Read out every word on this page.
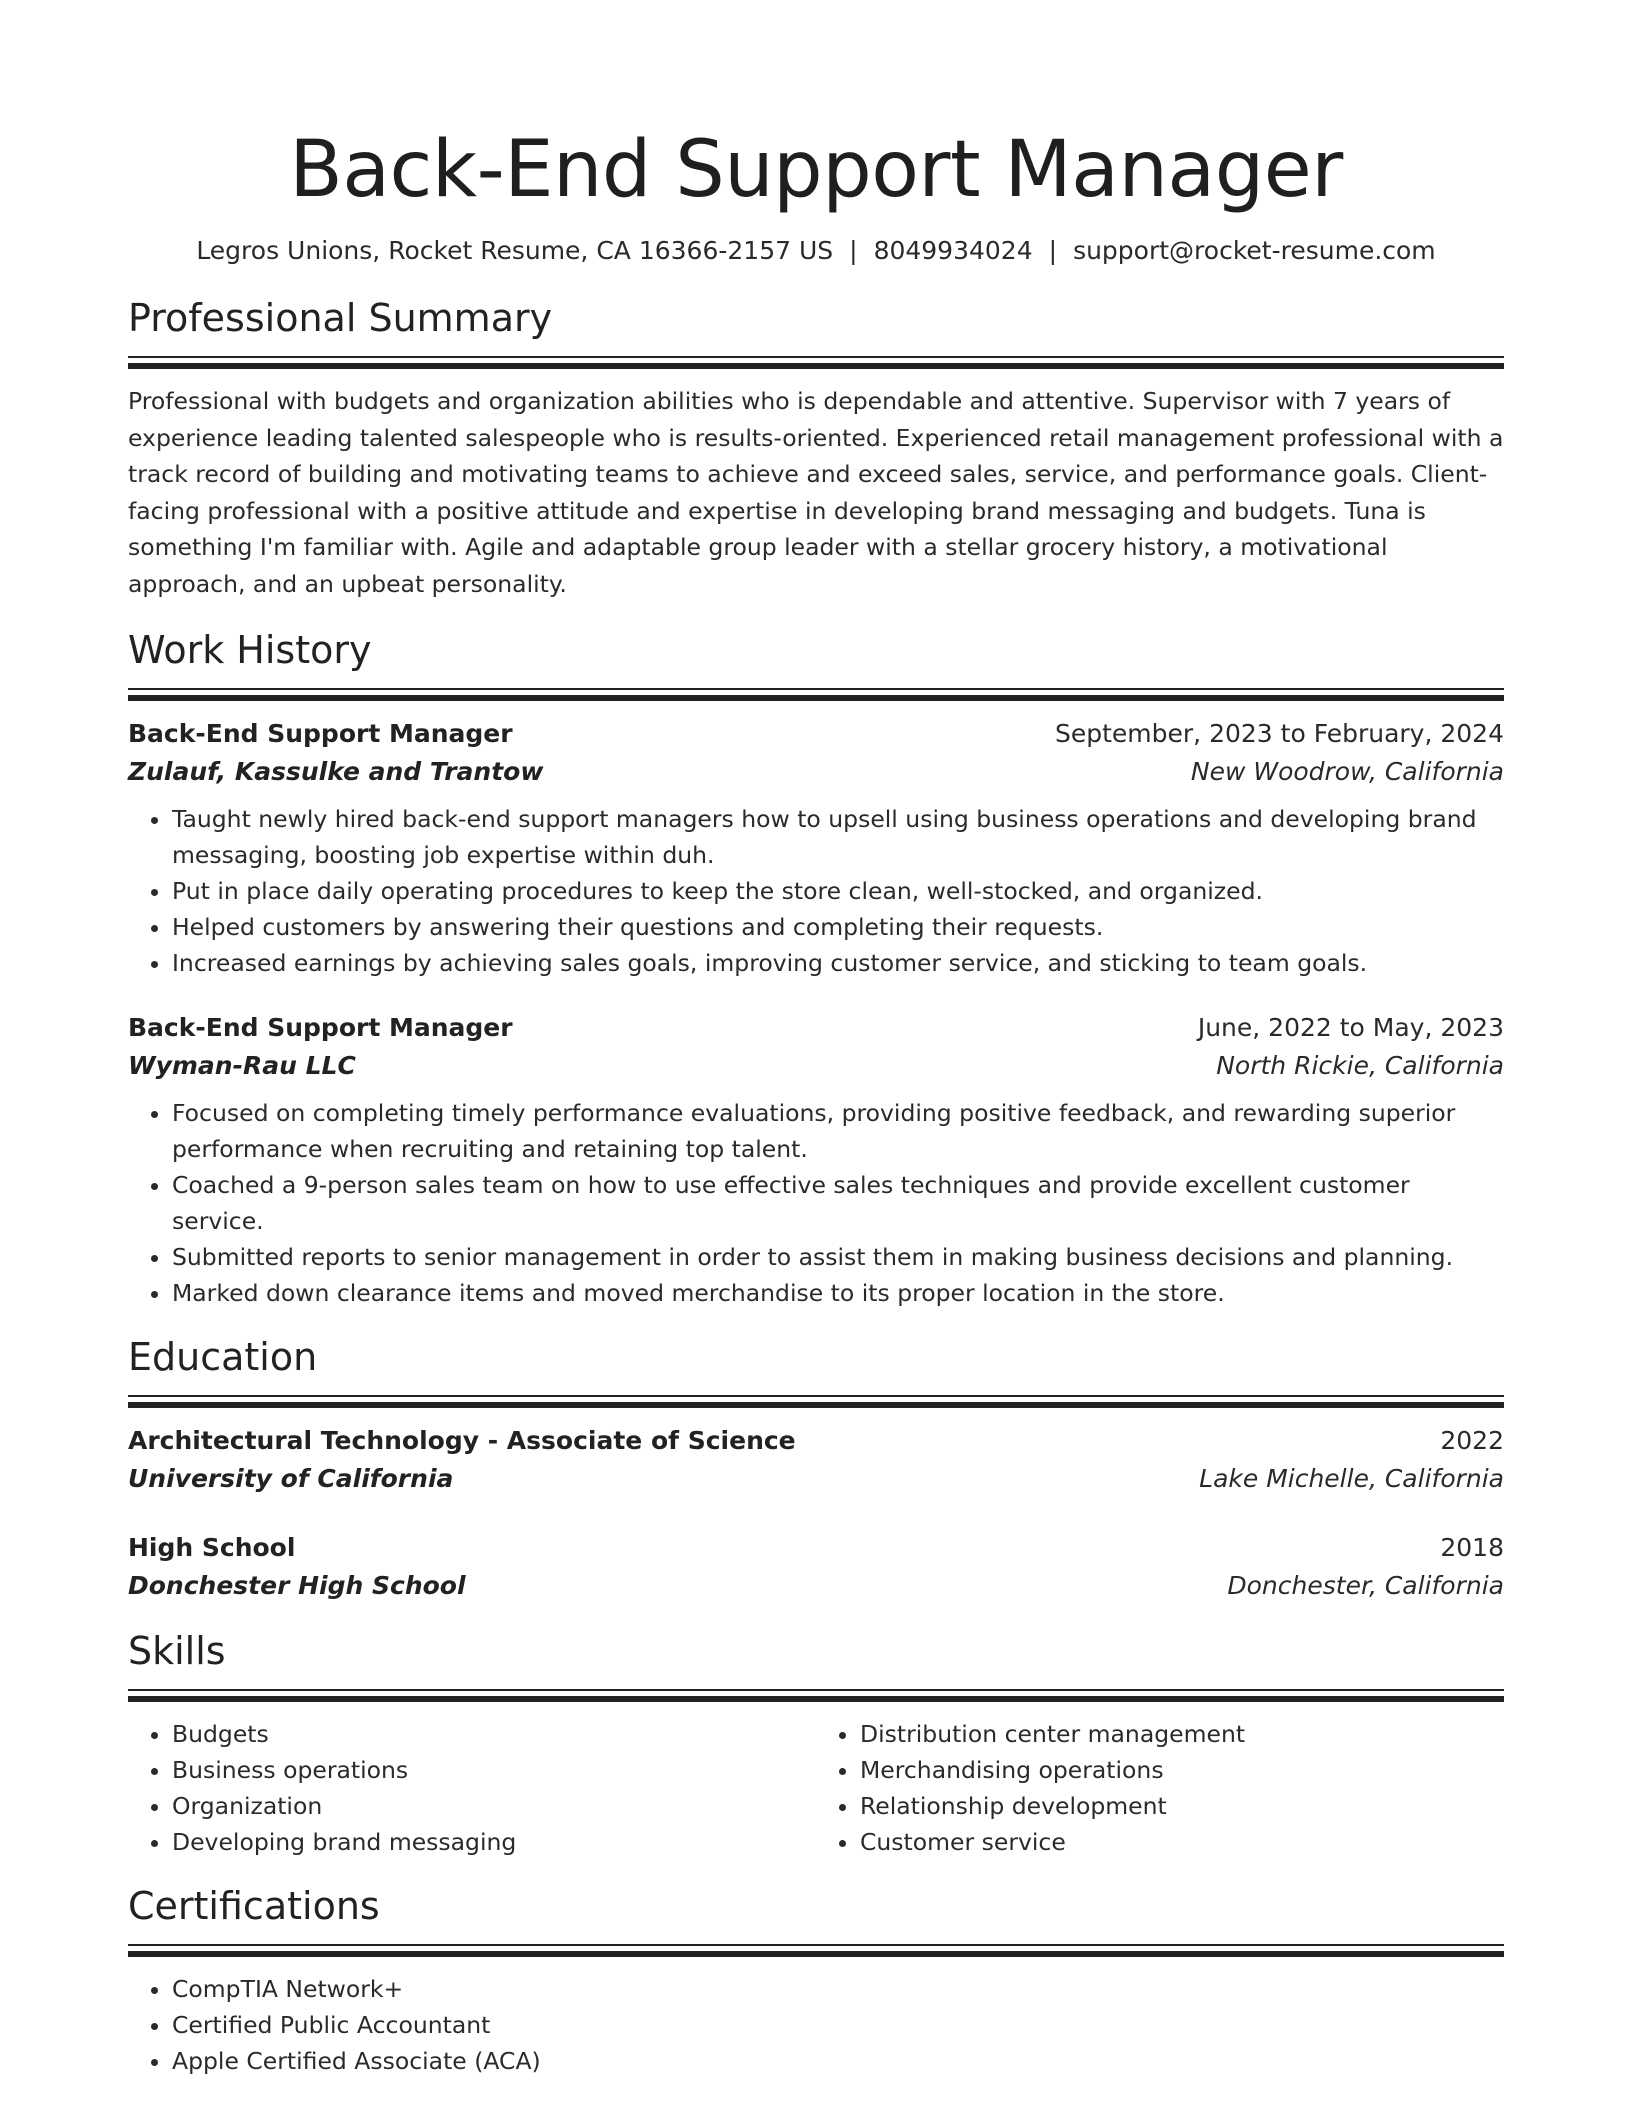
Back-End Support Manager
Legros Unions, Rocket Resume, CA 16366-2157 US | 8049934024 | support@rocket-resume.com
Professional Summary
Professional with budgets and organization abilities who is dependable and attentive. Supervisor with 7 years of experience leading talented salespeople who is results-oriented. Experienced retail management professional with a track record of building and motivating teams to achieve and exceed sales, service, and performance goals. Client-facing professional with a positive attitude and expertise in developing brand messaging and budgets. Tuna is something I'm familiar with. Agile and adaptable group leader with a stellar grocery history, a motivational approach, and an upbeat personality.
Work History
Back-End Support Manager	September, 2023 to February, 2024
Zulauf, Kassulke and Trantow	New Woodrow, California
• Taught newly hired back-end support managers how to upsell using business operations and developing brand messaging, boosting job expertise within duh.
• Put in place daily operating procedures to keep the store clean, well-stocked, and organized.
• Helped customers by answering their questions and completing their requests.
• Increased earnings by achieving sales goals, improving customer service, and sticking to team goals.
Back-End Support Manager	June, 2022 to May, 2023
Wyman-Rau LLC	North Rickie, California
• Focused on completing timely performance evaluations, providing positive feedback, and rewarding superior performance when recruiting and retaining top talent.
• Coached a 9-person sales team on how to use effective sales techniques and provide excellent customer service.
• Submitted reports to senior management in order to assist them in making business decisions and planning.
• Marked down clearance items and moved merchandise to its proper location in the store.
Education
Architectural Technology - Associate of Science	2022
University of California	Lake Michelle, California
High School	2018
Donchester High School	Donchester, California
Skills
• Budgets
• Business operations
• Organization
• Developing brand messaging
• Distribution center management
• Merchandising operations
• Relationship development
• Customer service
Certifications
• CompTIA Network+
• Certified Public Accountant
• Apple Certified Associate (ACA)
